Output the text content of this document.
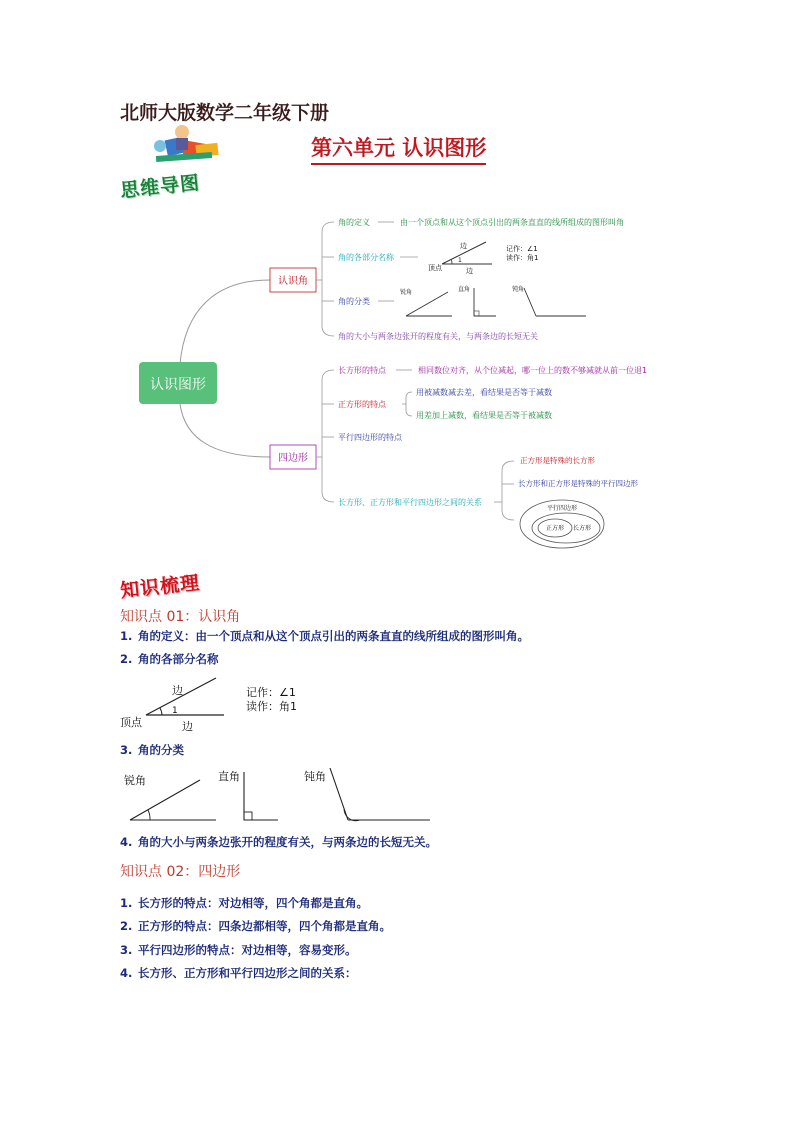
北师大版数学二年级下册
第六单元 认识图形
思维导图
认识图形
认识角
角的定义	由一个顶点和从这个顶点引出的两条直直的线所组成的图形叫角
角的各部分名称
边
1
顶点	边
记作：∠1
读作：角1
角的分类
锐角	直角	钝角
角的大小与两条边张开的程度有关，与两条边的长短无关
四边形
长方形的特点	相同数位对齐，从个位减起，哪一位上的数不够减就从前一位退1
正方形的特点
用被减数减去差，看结果是否等于减数
用差加上减数，看结果是否等于被减数
平行四边形的特点
长方形、正方形和平行四边形之间的关系
正方形是特殊的长方形
长方形和正方形是特殊的平行四边形
平行四边形
正方形 长方形
知识梳理
知识点 01：认识角
1. 角的定义：由一个顶点和从这个顶点引出的两条直直的线所组成的图形叫角。
2. 角的各部分名称
边
1
顶点	边
记作：∠1
读作：角1
3. 角的分类
锐角	直角	钝角
4. 角的大小与两条边张开的程度有关，与两条边的长短无关。
知识点 02：四边形
1. 长方形的特点：对边相等，四个角都是直角。
2. 正方形的特点：四条边都相等，四个角都是直角。
3. 平行四边形的特点：对边相等，容易变形。
4. 长方形、正方形和平行四边形之间的关系：
